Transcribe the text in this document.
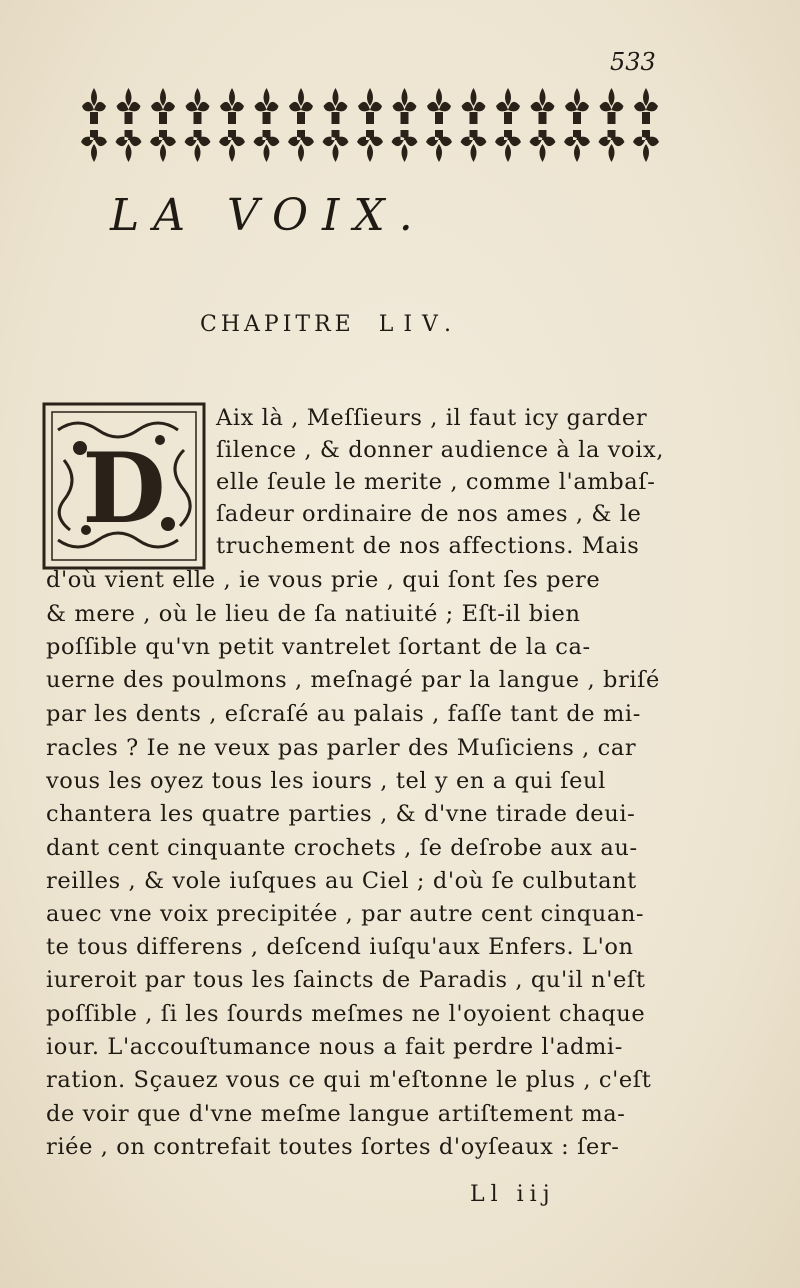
533
LA VOIX.
CHAPITRE LIV.
D
Aix là , Meſſieurs , il faut icy garder
ſilence , & donner audience à la voix,
elle ſeule le merite , comme l'ambaſ-
ſadeur ordinaire de nos ames , & le
truchement de nos affections. Mais
d'où vient elle , ie vous prie , qui ſont ſes pere
& mere , où le lieu de ſa natiuité ; Eſt-il bien
poſſible qu'vn petit vantrelet ſortant de la ca-
uerne des poulmons , meſnagé par la langue , briſé
par les dents , eſcraſé au palais , faſſe tant de mi-
racles ? Ie ne veux pas parler des Muſiciens , car
vous les oyez tous les iours , tel y en a qui ſeul
chantera les quatre parties , & d'vne tirade deui-
dant cent cinquante crochets , ſe deſrobe aux au-
reilles , & vole iuſques au Ciel ; d'où ſe culbutant
auec vne voix precipitée , par autre cent cinquan-
te tous differens , deſcend iuſqu'aux Enfers. L'on
iureroit par tous les ſaincts de Paradis , qu'il n'eſt
poſſible , ſi les ſourds meſmes ne l'oyoient chaque
iour. L'accouſtumance nous a fait perdre l'admi-
ration. Sçauez vous ce qui m'eſtonne le plus , c'eſt
de voir que d'vne meſme langue artiſtement ma-
riée , on contrefait toutes ſortes d'oyſeaux : ſer-
Ll iij
